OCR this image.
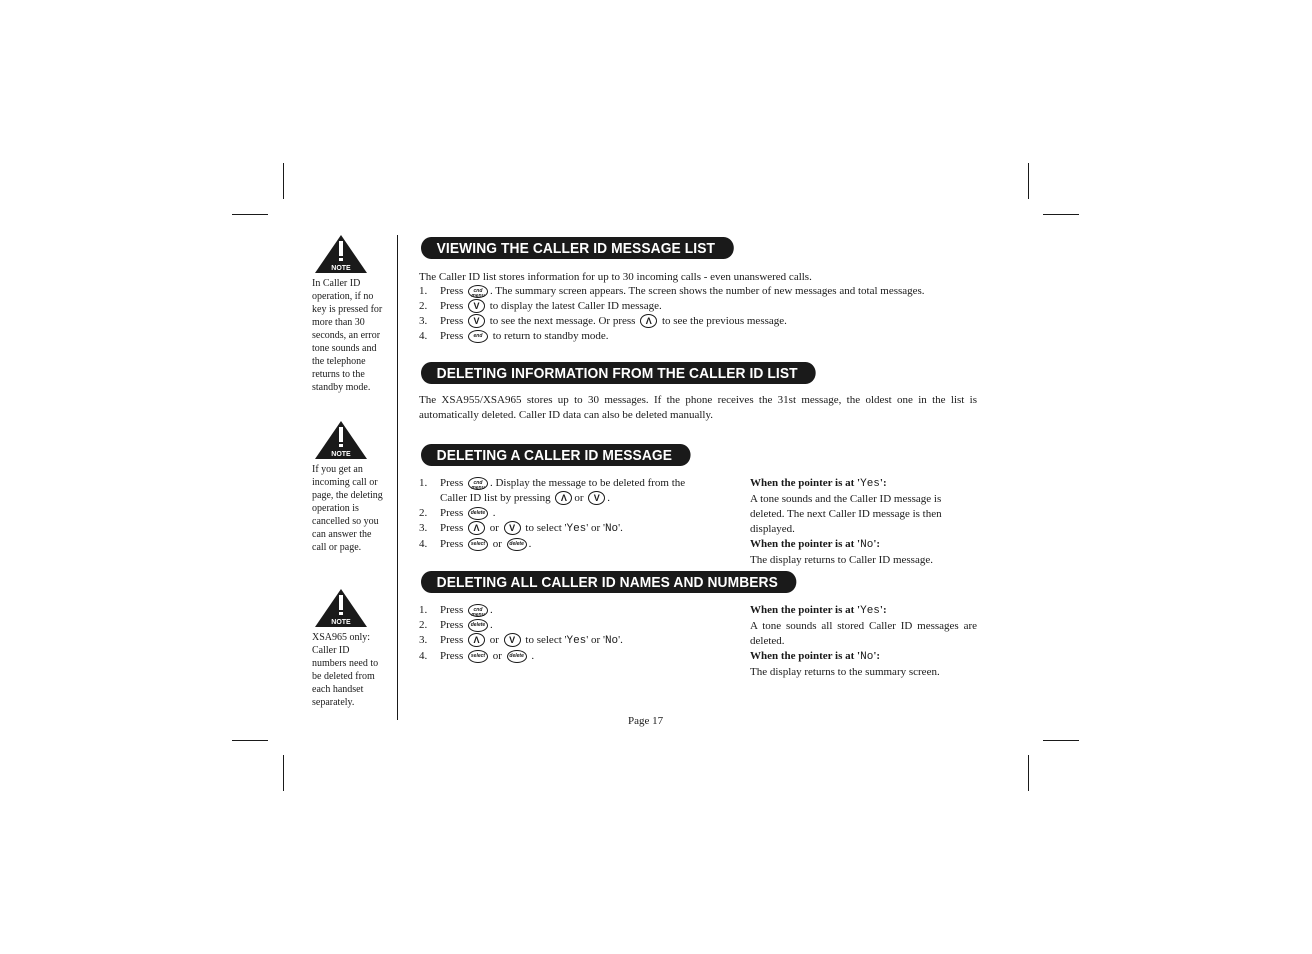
NOTE
In Caller ID operation, if no key is pressed for more than 30 seconds, an error tone sounds and the telephone returns to the standby mode.
NOTE
If you get an incoming call or page, the deleting operation is cancelled so you can answer the call or page.
NOTE
XSA965 only: Caller ID numbers need to be deleted from each handset separately.
VIEWING THE CALLER ID MESSAGE LIST
The Caller ID list stores information for up to 30 incoming calls - even unanswered calls.
1. Press cnd menu . The summary screen appears. The screen shows the number of new messages and total messages.
2. Press V to display the latest Caller ID message.
3. Press V to see the next message. Or press Λ to see the previous message.
4. Press end to return to standby mode.
DELETING INFORMATION FROM THE CALLER ID LIST
The XSA955/XSA965 stores up to 30 messages. If the phone receives the 31st message, the oldest one in the list is automatically deleted. Caller ID data can also be deleted manually.
DELETING A CALLER ID MESSAGE
1. Press cnd menu . Display the message to be deleted from the
Caller ID list by pressing Λ or V .
2. Press delete .
3. Press Λ or V to select 'Yes' or 'No'.
4. Press select or delete .
When the pointer is at 'Yes':
A tone sounds and the Caller ID message is deleted. The next Caller ID message is then displayed.
When the pointer is at 'No':
The display returns to Caller ID message.
DELETING ALL CALLER ID NAMES AND NUMBERS
1. Press cnd menu .
2. Press delete .
3. Press Λ or V to select 'Yes' or 'No'.
4. Press select or delete .
When the pointer is at 'Yes':
A tone sounds all stored Caller ID messages are deleted.
When the pointer is at 'No':
The display returns to the summary screen.
Page 17
